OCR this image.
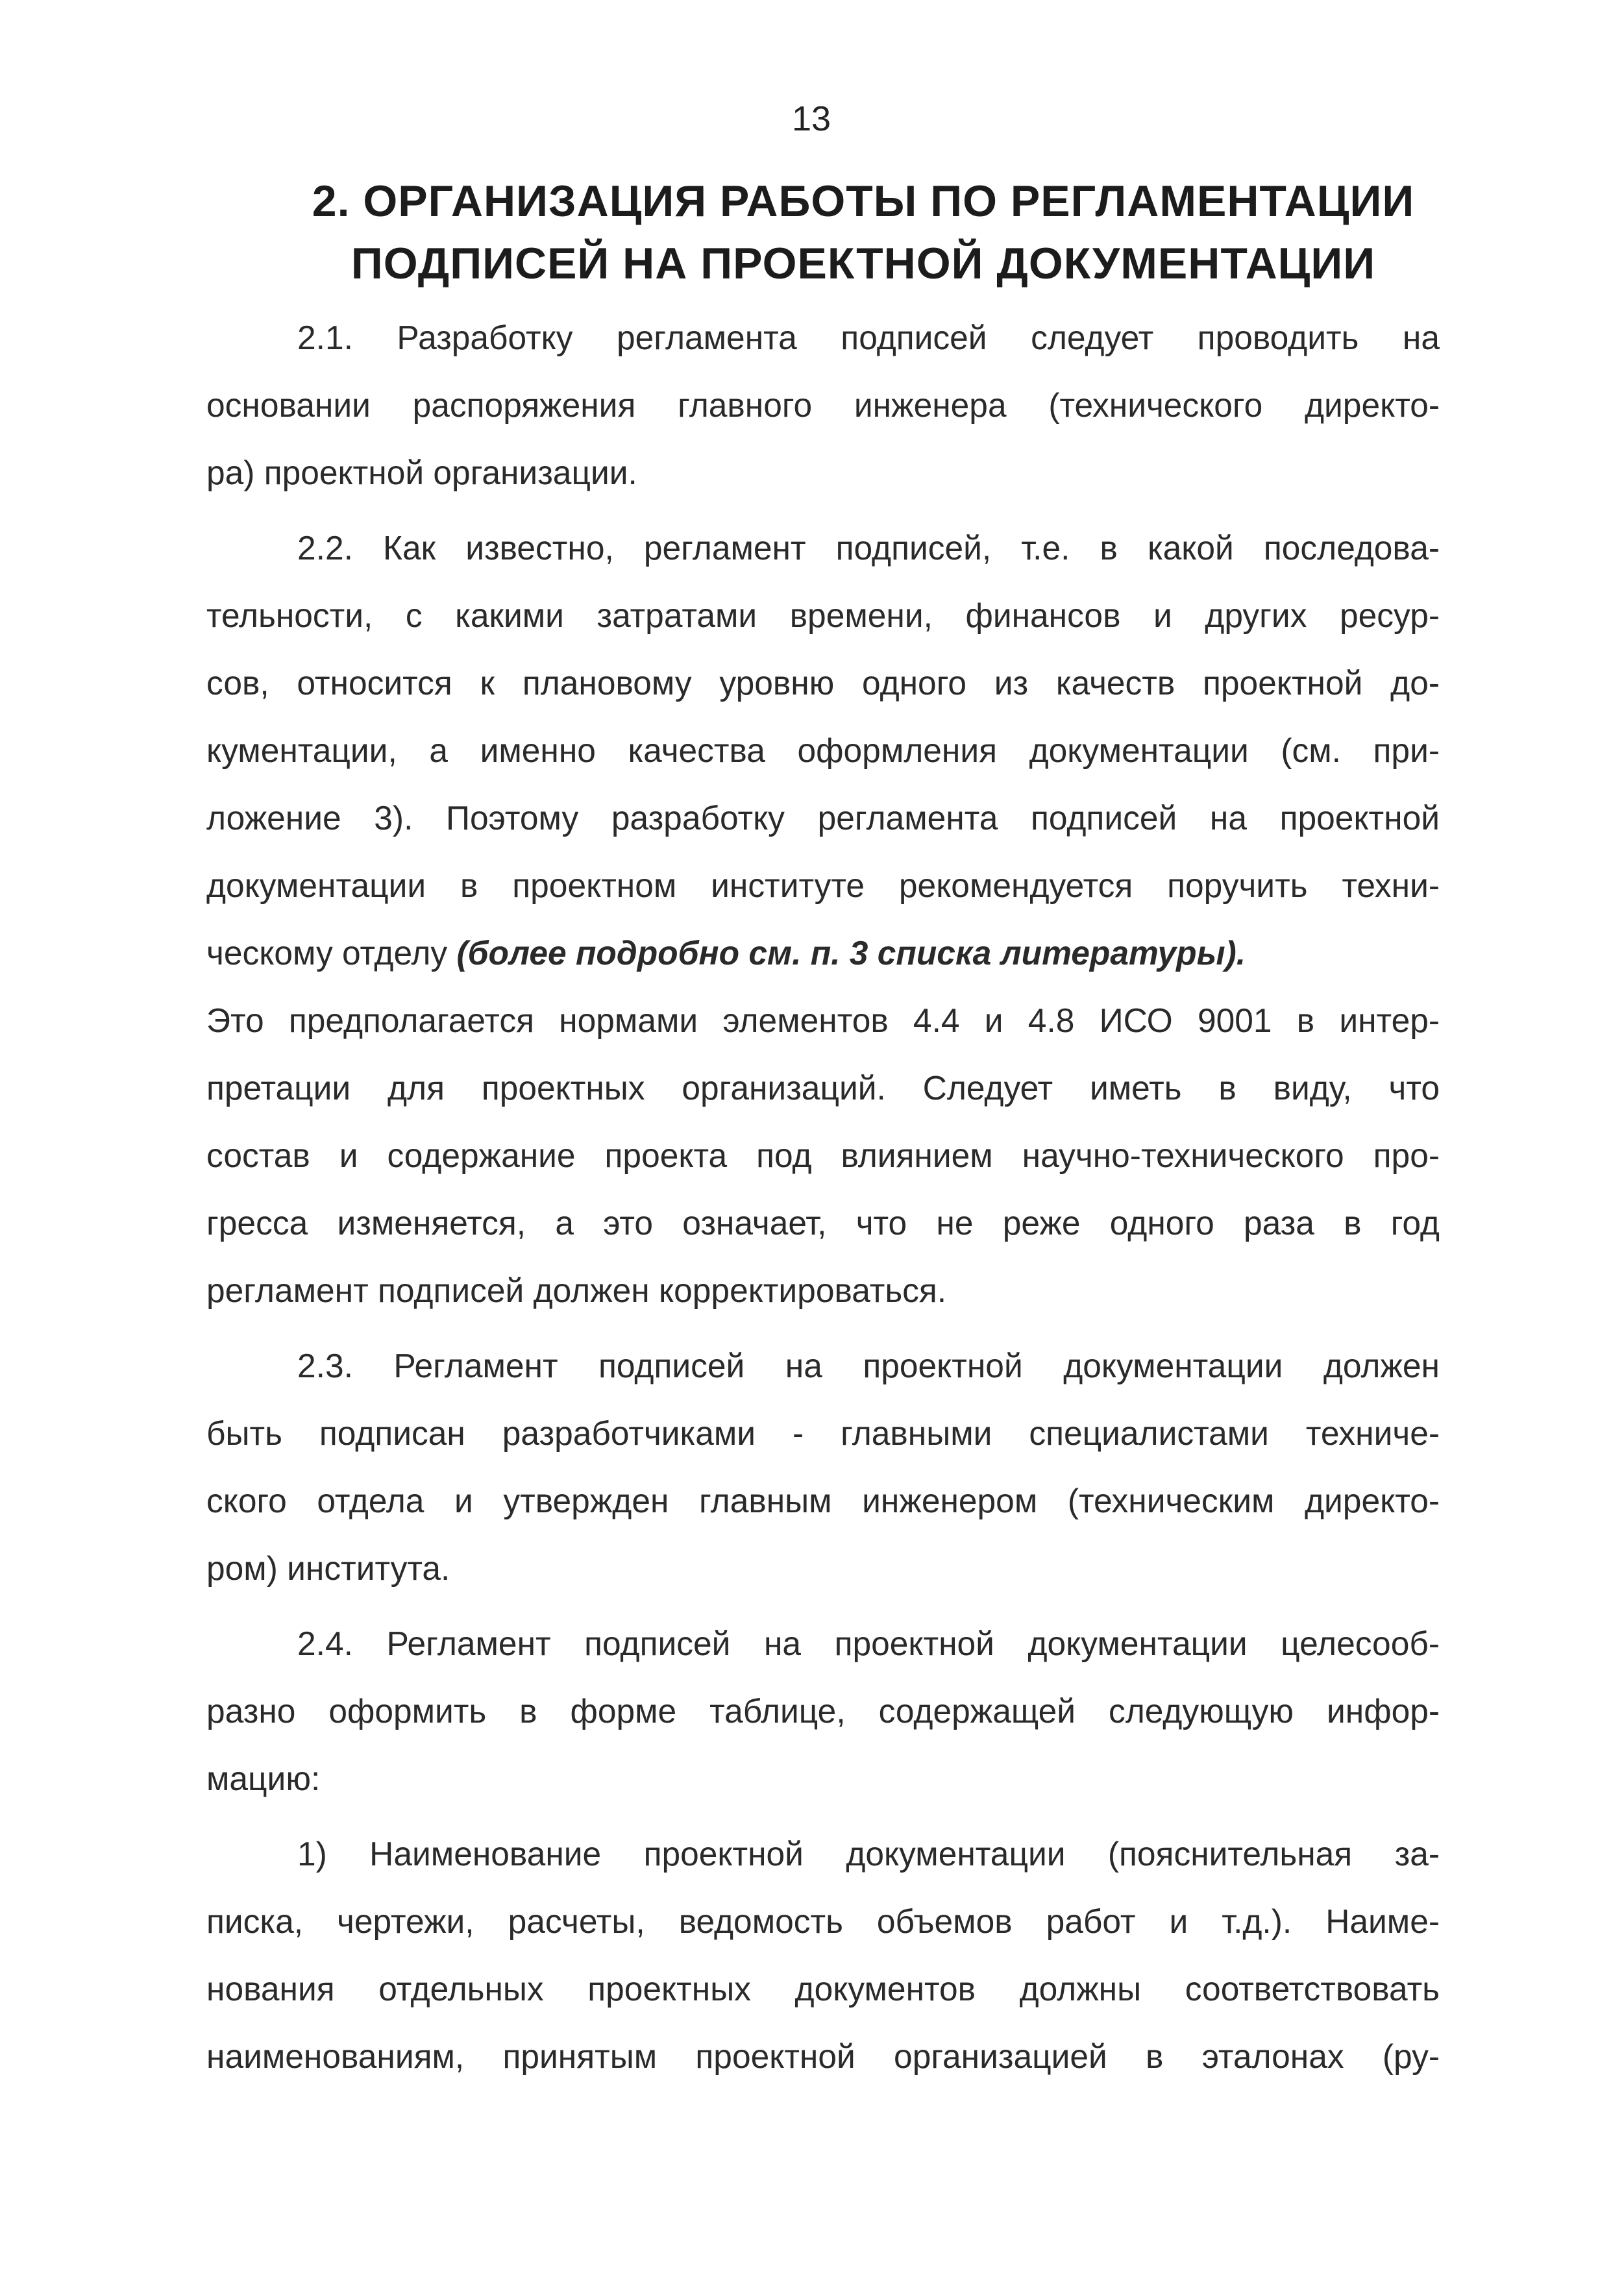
13
2. ОРГАНИЗАЦИЯ РАБОТЫ ПО РЕГЛАМЕНТАЦИИ
ПОДПИСЕЙ НА ПРОЕКТНОЙ ДОКУМЕНТАЦИИ
2.1. Разработку регламента подписей следует проводить на
основании распоряжения главного инженера (технического директо-
ра) проектной организации.
2.2. Как известно, регламент подписей, т.е. в какой последова-
тельности, с какими затратами времени, финансов и других ресур-
сов, относится к плановому уровню одного из качеств проектной до-
кументации, а именно качества оформления документации (см. при-
ложение 3). Поэтому разработку регламента подписей на проектной
документации в проектном институте рекомендуется поручить техни-
ческому отделу (более подробно см. п. 3 списка литературы).
Это предполагается нормами элементов 4.4 и 4.8 ИСО 9001 в интер-
претации для проектных организаций. Следует иметь в виду, что
состав и содержание проекта под влиянием научно-технического про-
гресса изменяется, а это означает, что не реже одного раза в год
регламент подписей должен корректироваться.
2.3. Регламент подписей на проектной документации должен
быть подписан разработчиками - главными специалистами техниче-
ского отдела и утвержден главным инженером (техническим директо-
ром) института.
2.4. Регламент подписей на проектной документации целесооб-
разно оформить в форме таблице, содержащей следующую инфор-
мацию:
1) Наименование проектной документации (пояснительная за-
писка, чертежи, расчеты, ведомость объемов работ и т.д.). Наиме-
нования отдельных проектных документов должны соответствовать
наименованиям, принятым проектной организацией в эталонах (ру-
